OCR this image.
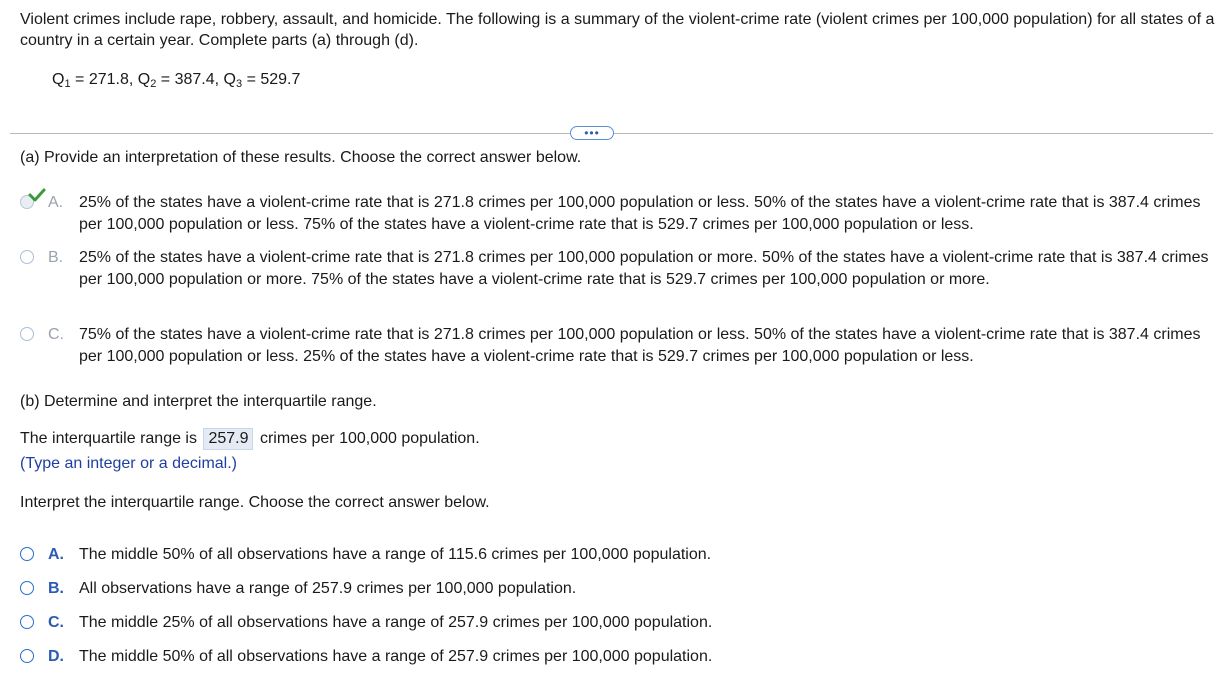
Violent crimes include rape, robbery, assault, and homicide. The following is a summary of the violent-crime rate (violent crimes per 100,000 population) for all states of a country in a certain year. Complete parts (a) through (d).
$Q_1 = 271.8$, $Q_2 = 387.4$, $Q_3 = 529.7$
•••
(a) Provide an interpretation of these results. Choose the correct answer below.
A. 25% of the states have a violent-crime rate that is 271.8 crimes per 100,000 population or less. 50% of the states have a violent-crime rate that is 387.4 crimes per 100,000 population or less. 75% of the states have a violent-crime rate that is 529.7 crimes per 100,000 population or less.
B. 25% of the states have a violent-crime rate that is 271.8 crimes per 100,000 population or more. 50% of the states have a violent-crime rate that is 387.4 crimes per 100,000 population or more. 75% of the states have a violent-crime rate that is 529.7 crimes per 100,000 population or more.
C. 75% of the states have a violent-crime rate that is 271.8 crimes per 100,000 population or less. 50% of the states have a violent-crime rate that is 387.4 crimes per 100,000 population or less. 25% of the states have a violent-crime rate that is 529.7 crimes per 100,000 population or less.
(b) Determine and interpret the interquartile range.
The interquartile range is 257.9 crimes per 100,000 population.
(Type an integer or a decimal.)
Interpret the interquartile range. Choose the correct answer below.
A. The middle 50% of all observations have a range of 115.6 crimes per 100,000 population.
B. All observations have a range of 257.9 crimes per 100,000 population.
C. The middle 25% of all observations have a range of 257.9 crimes per 100,000 population.
D. The middle 50% of all observations have a range of 257.9 crimes per 100,000 population.
